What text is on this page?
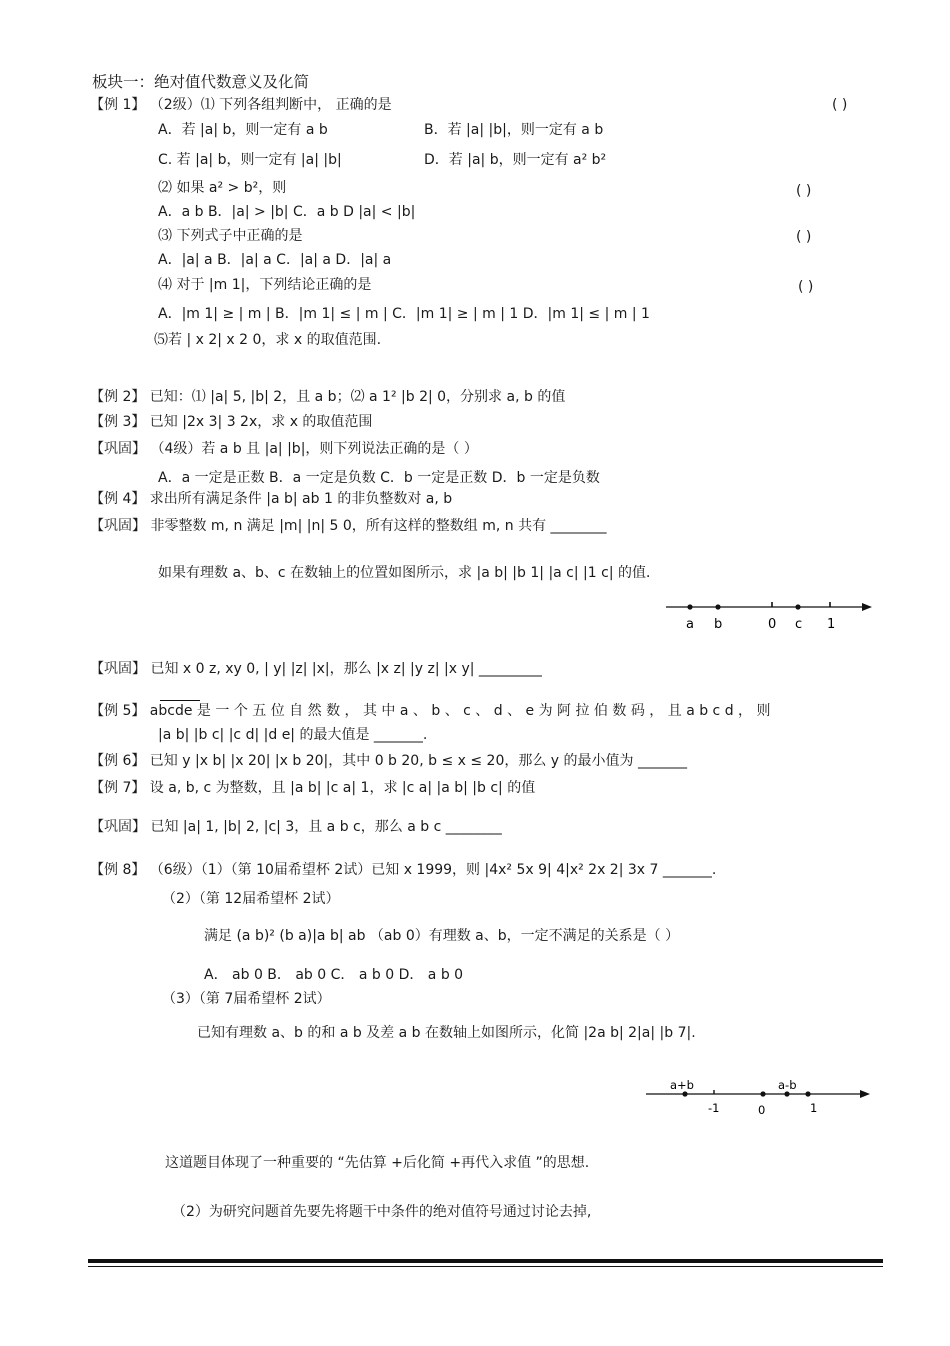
板块一：绝对值代数意义及化简
【例 1】 （2级）⑴ 下列各组判断中， 正确的是	( )
A．若 |a| b，则一定有 a b	B．若 |a| |b|，则一定有 a b
C. 若 |a| b，则一定有 |a| |b|	D．若 |a| b，则一定有 a² b²
⑵ 如果 a² > b²，则	( )
A．a b B．|a| > |b| C．a b D |a| < |b|
⑶ 下列式子中正确的是	( )
A．|a| a B．|a| a C．|a| a D．|a| a
⑷ 对于 |m 1|，下列结论正确的是	( )
A．|m 1| ≥ | m | B．|m 1| ≤ | m | C．|m 1| ≥ | m | 1 D．|m 1| ≤ | m | 1
⑸若 | x 2| x 2 0，求 x 的取值范围.
【例 2】 已知：⑴ |a| 5, |b| 2，且 a b；⑵ a 1² |b 2| 0，分别求 a, b 的值
【例 3】 已知 |2x 3| 3 2x，求 x 的取值范围
【巩固】 （4级）若 a b 且 |a| |b|，则下列说法正确的是（ ）
A．a 一定是正数 B．a 一定是负数 C．b 一定是正数 D．b 一定是负数
【例 4】 求出所有满足条件 |a b| ab 1 的非负整数对 a, b
【巩固】 非零整数 m, n 满足 |m| |n| 5 0，所有这样的整数组 m, n 共有 ________
如果有理数 a、b、c 在数轴上的位置如图所示，求 |a b| |b 1| |a c| |1 c| 的值．
a b	0 c 1
【巩固】 已知 x 0 z, xy 0, | y| |z| |x|，那么 |x z| |y z| |x y| _________
【例 5】 abcde 是 一 个 五 位 自 然 数 ， 其 中 a 、 b 、 c 、 d 、 e 为 阿 拉 伯 数 码 ， 且 a b c d ， 则
|a b| |b c| |c d| |d e| 的最大值是 _______.
【例 6】 已知 y |x b| |x 20| |x b 20|，其中 0 b 20, b ≤ x ≤ 20，那么 y 的最小值为 _______
【例 7】 设 a, b, c 为整数，且 |a b| |c a| 1，求 |c a| |a b| |b c| 的值
【巩固】 已知 |a| 1, |b| 2, |c| 3，且 a b c，那么 a b c ________
【例 8】 （6级）（1）（第 10届希望杯 2试）已知 x 1999，则 |4x² 5x 9| 4|x² 2x 2| 3x 7 _______.
（2）（第 12届希望杯 2试）
满足 (a b)² (b a)|a b| ab （ab 0）有理数 a、b，一定不满足的关系是（ ）
A． ab 0 B． ab 0 C． a b 0 D． a b 0
（3）（第 7届希望杯 2试）
已知有理数 a、b 的和 a b 及差 a b 在数轴上如图所示，化简 |2a b| 2|a| |b 7|.
a+b
-1	0
a-b
1
这道题目体现了一种重要的 “先估算 +后化简 +再代入求值 ”的思想.
（2）为研究问题首先要先将题干中条件的绝对值符号通过讨论去掉,
